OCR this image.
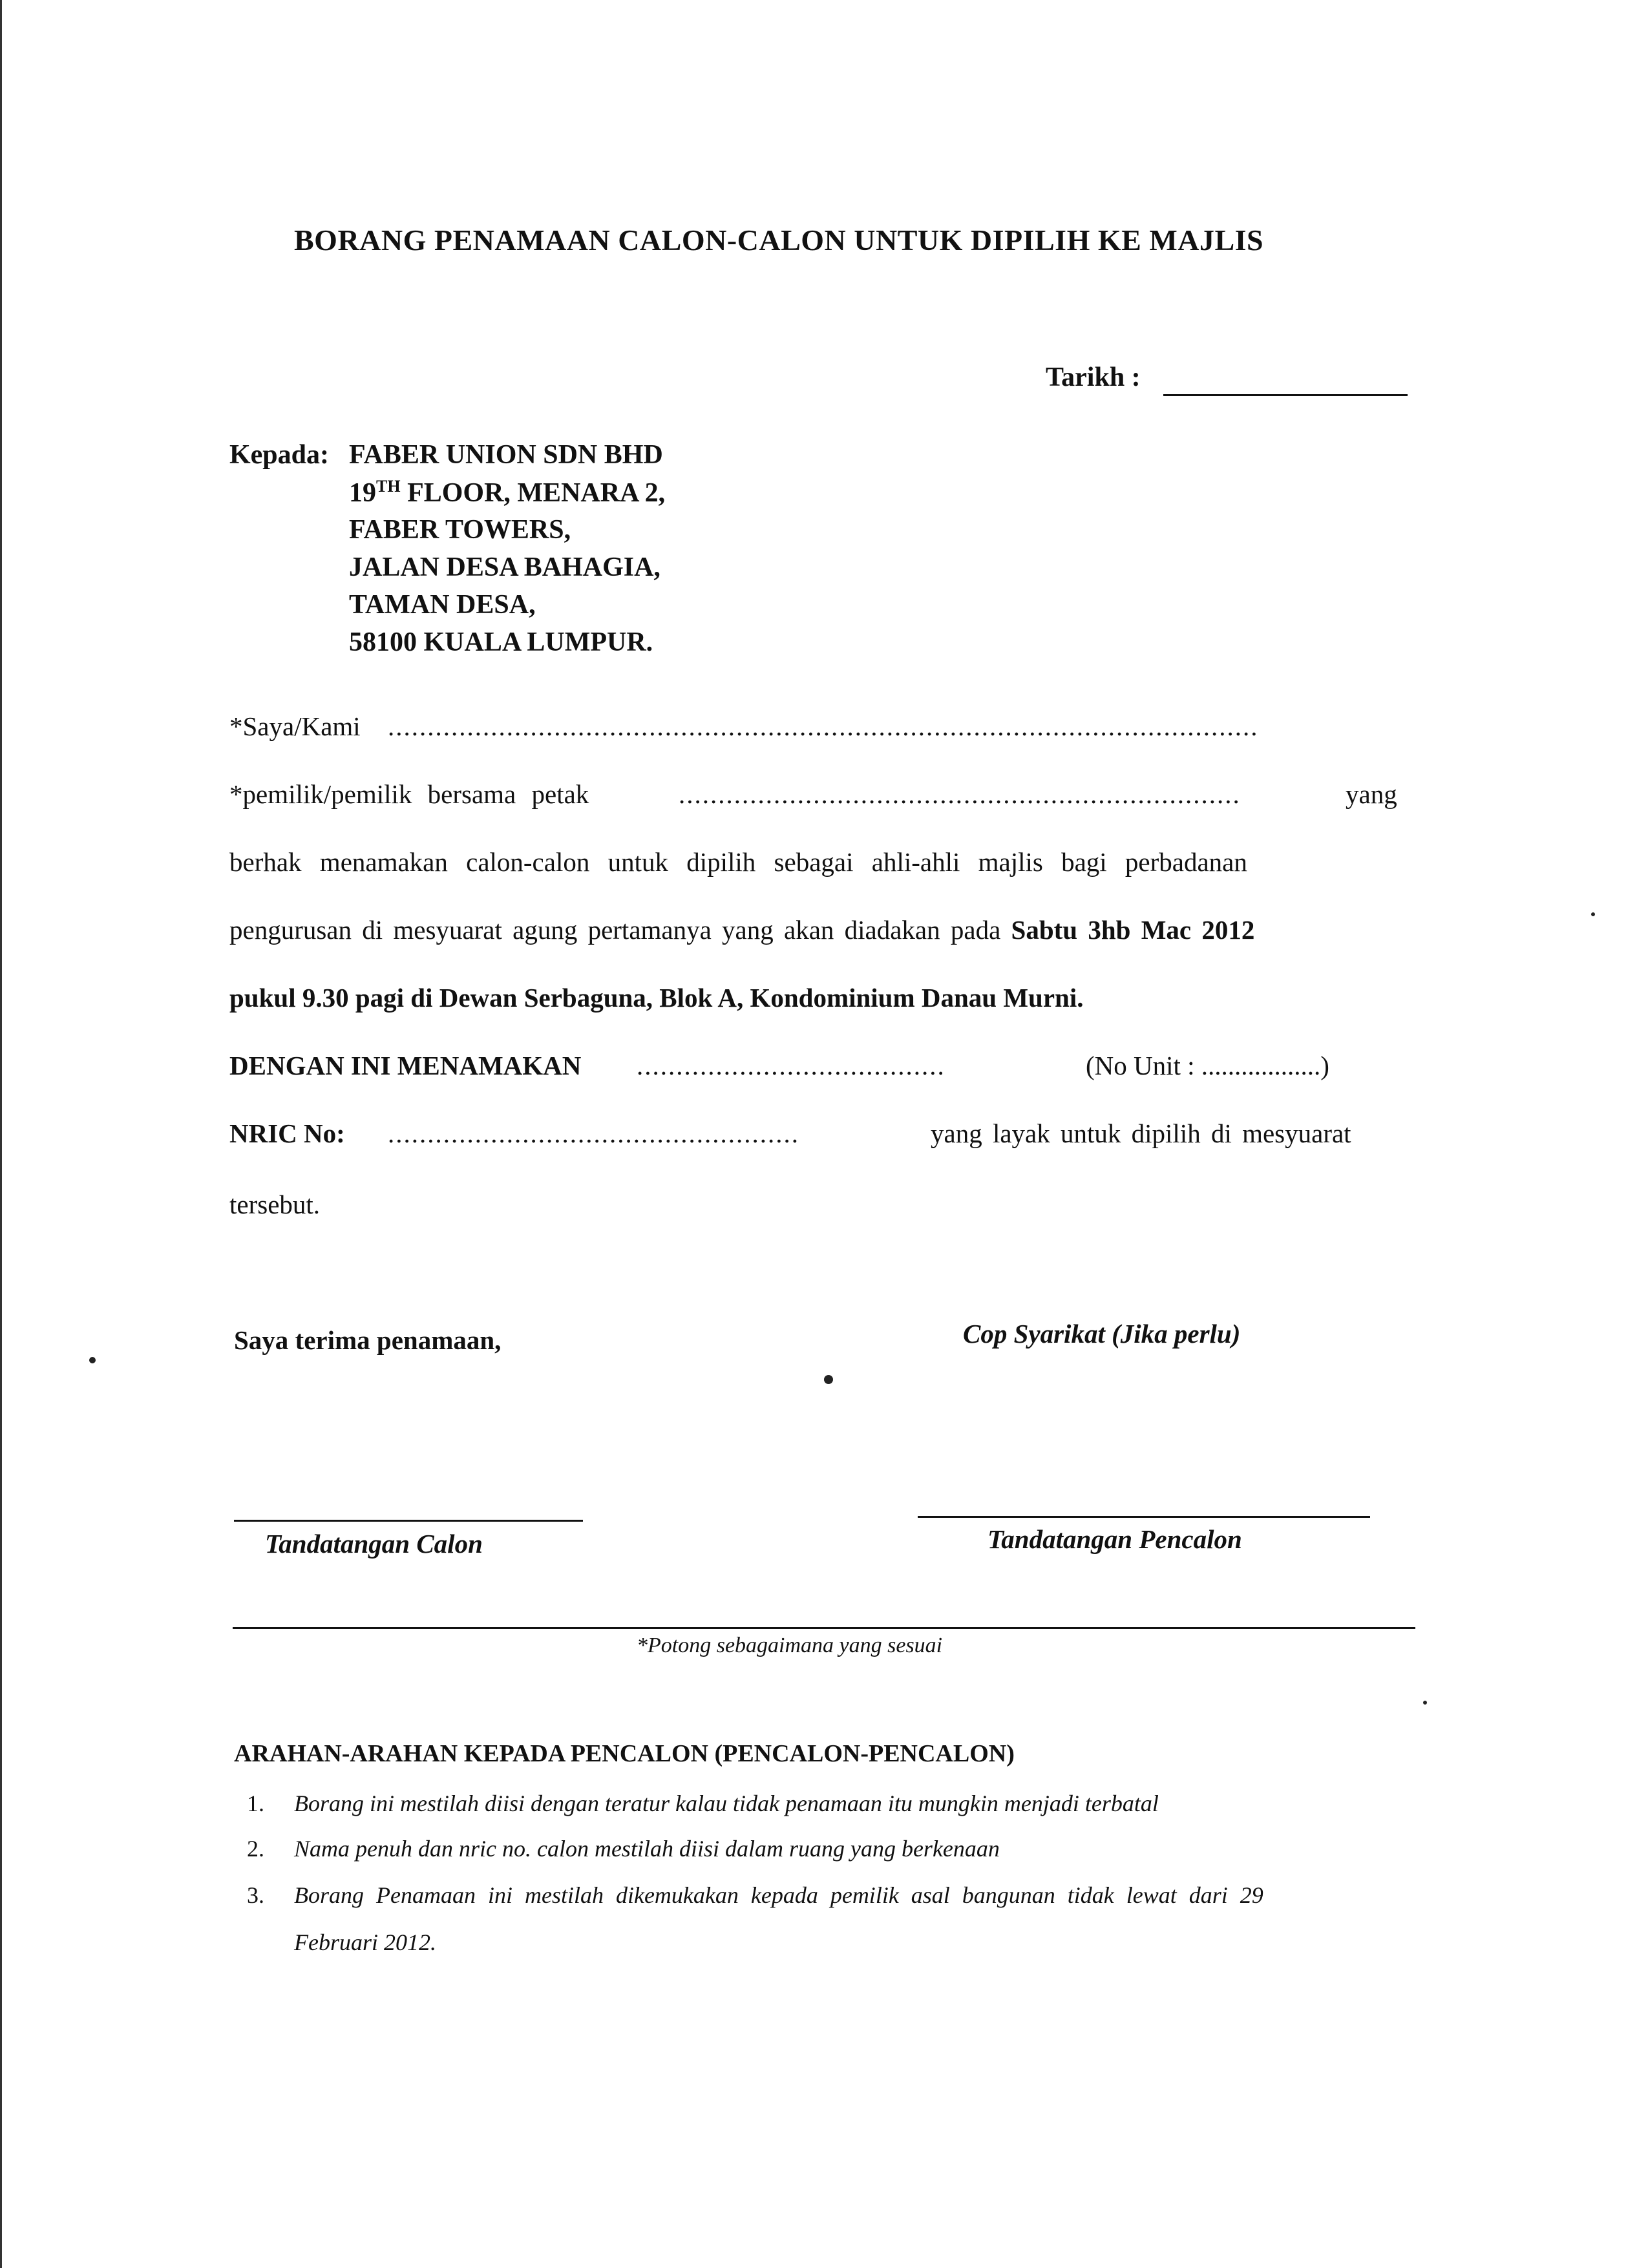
BORANG PENAMAAN CALON-CALON UNTUK DIPILIH KE MAJLIS
Tarikh :
Kepada: FABER UNION SDN BHD
19TH FLOOR, MENARA 2,
FABER TOWERS,
JALAN DESA BAHAGIA,
TAMAN DESA,
58100 KUALA LUMPUR.
*Saya/Kami ..............................................................................................................
*pemilik/pemilik bersama petak	.......................................................................	yang
berhak menamakan calon-calon untuk dipilih sebagai ahli-ahli majlis bagi perbadanan
pengurusan di mesyuarat agung pertamanya yang akan diadakan pada Sabtu 3hb Mac 2012
pukul 9.30 pagi di Dewan Serbaguna, Blok A, Kondominium Danau Murni.
DENGAN INI MENAMAKAN .......................................	(No Unit : ..................)
NRIC No: ....................................................	yang layak untuk dipilih di mesyuarat
tersebut.
Saya terima penamaan,	Cop Syarikat (Jika perlu)
Tandatangan Calon	Tandatangan Pencalon
*Potong sebagaimana yang sesuai
ARAHAN-ARAHAN KEPADA PENCALON (PENCALON-PENCALON)
1. Borang ini mestilah diisi dengan teratur kalau tidak penamaan itu mungkin menjadi terbatal
2. Nama penuh dan nric no. calon mestilah diisi dalam ruang yang berkenaan
3. Borang Penamaan ini mestilah dikemukakan kepada pemilik asal bangunan tidak lewat dari 29
Februari 2012.
